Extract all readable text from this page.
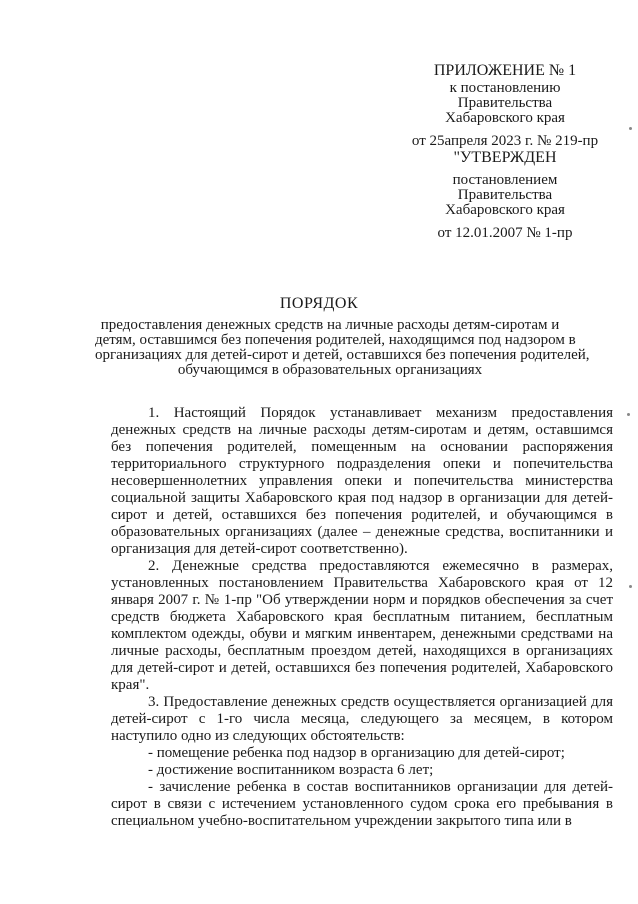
ПРИЛОЖЕНИЕ № 1
к постановлению
Правительства
Хабаровского края
от 25апреля 2023 г. № 219-пр
"УТВЕРЖДЕН
постановлением
Правительства
Хабаровского края
от 12.01.2007 № 1-пр
ПОРЯДОК
предоставления денежных средств на личные расходы детям-сиротам и
детям, оставшимся без попечения родителей, находящимся под надзором в
организациях для детей-сирот и детей, оставшихся без попечения родителей,
обучающимся в образовательных организациях

1. Настоящий Порядок устанавливает механизм предоставления денежных средств на личные расходы детям-сиротам и детям, оставшимся без попечения родителей, помещенным на основании распоряжения территориального структурного подразделения опеки и попечительства несовершеннолетних управления опеки и попечительства министерства социальной защиты Хабаровского края под надзор в организации для детей-сирот и детей, оставшихся без попечения родителей, и обучающимся в образовательных организациях (далее – денежные средства, воспитанники и организация для детей-сирот соответственно).

2. Денежные средства предоставляются ежемесячно в размерах, установленных постановлением Правительства Хабаровского края от 12 января 2007 г. № 1-пр "Об утверждении норм и порядков обеспечения за счет средств бюджета Хабаровского края бесплатным питанием, бесплатным комплектом одежды, обуви и мягким инвентарем, денежными средствами на личные расходы, бесплатным проездом детей, находящихся в организациях для детей-сирот и детей, оставшихся без попечения родителей, Хабаровского края".

3. Предоставление денежных средств осуществляется организацией для детей-сирот с 1-го числа месяца, следующего за месяцем, в котором наступило одно из следующих обстоятельств:

- помещение ребенка под надзор в организацию для детей-сирот;

- достижение воспитанником возраста 6 лет;

- зачисление ребенка в состав воспитанников организации для детей-сирот в связи с истечением установленного судом срока его пребывания в специальном учебно-воспитательном учреждении закрытого типа или в
